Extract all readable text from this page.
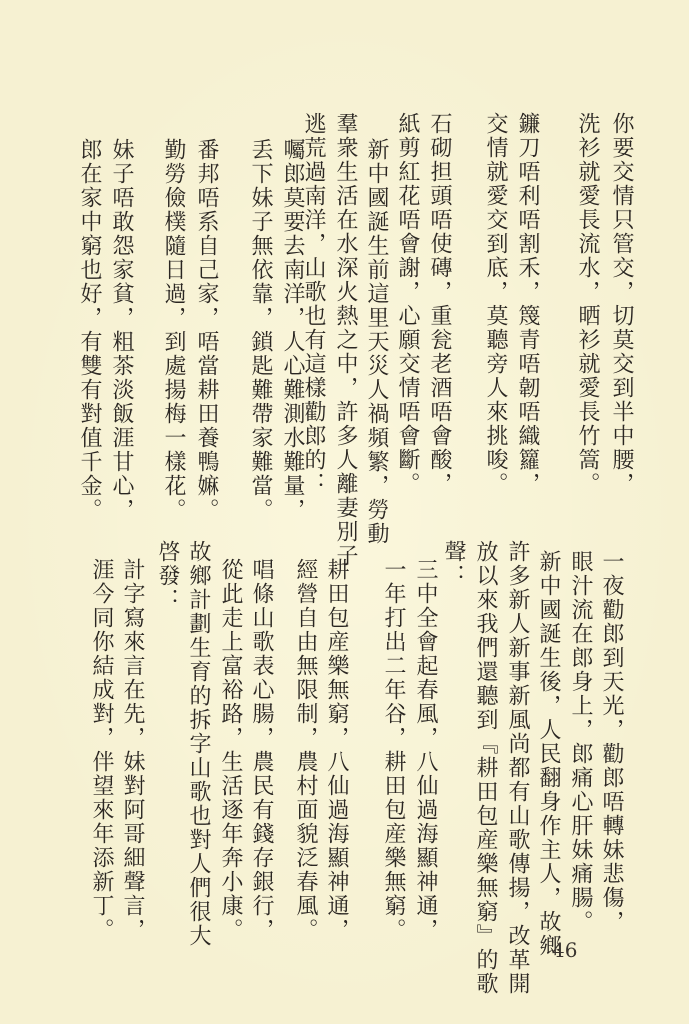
你要交情只管交，切莫交到半中腰，
洗衫就愛長流水，晒衫就愛長竹篙。
鐮刀唔利唔割禾，篾青唔韌唔織籮，
交情就愛交到底，莫聽旁人來挑唆。
石砌担頭唔使磚，重瓮老酒唔會酸，
紙剪紅花唔會謝，心願交情唔會斷。
新中國誕生前這里天災人禍頻繁，勞動
羣衆生活在水深火熱之中，許多人離妻別子
逃荒過南洋，山歌也有這樣勸郎的：
囑郎莫要去南洋，人心難測水難量，
丢下妹子無依靠，鎖匙難帶家難當。
番邦唔系自己家，唔當耕田養鴨嫲。
勤勞儉樸隨日過，到處揚梅一樣花。
妹子唔敢怨家貧，粗茶淡飯涯甘心，
郎在家中窮也好，有雙有對值千金。
一夜勸郎到天光，勸郎唔轉妹悲傷，
眼汁流在郎身上，郎痛心肝妹痛腸。
新中國誕生後，人民翻身作主人，故鄉
許多新人新事新風尚都有山歌傳揚，改革開
放以來我們還聽到『耕田包産樂無窮』的歌
聲：
三中全會起春風，八仙過海顯神通，
一年打出二年谷，耕田包産樂無窮。
耕田包産樂無窮，八仙過海顯神通，
經營自由無限制，農村面貌泛春風。
唱條山歌表心腸，農民有錢存銀行，
從此走上富裕路，生活逐年奔小康。
故鄉計劃生育的拆字山歌也對人們很大
啓發：
計字寫來言在先，妹對阿哥細聲言，
涯今同你結成對，伴望來年添新丁。
46
